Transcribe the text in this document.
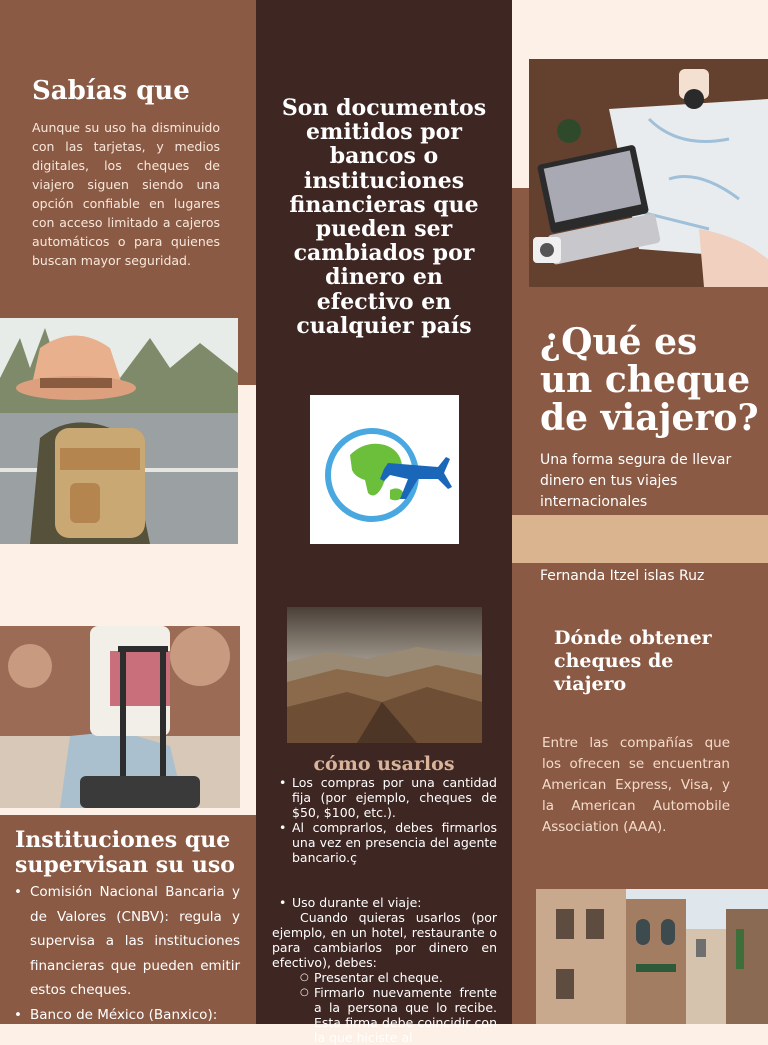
Sabías que

Aunque su uso ha disminuido con las tarjetas, y medios digitales, los cheques de viajero siguen siendo una opción confiable en lugares con acceso limitado a cajeros automáticos o para quienes buscan mayor seguridad.

Instituciones que
supervisan su uso
• Comisión Nacional Bancaria y de Valores (CNBV): regula y supervisa a las instituciones financieras que pueden emitir estos cheques.
• Banco de México (Banxico):
Son documentos emitidos por bancos o instituciones financieras que pueden ser cambiados por dinero en efectivo en cualquier país
cómo usarlos
• Los compras por una cantidad fija (por ejemplo, cheques de $50, $100, etc.).
• Al comprarlos, debes firmarlos una vez en presencia del agente bancario.ç
• Uso durante el viaje:
Cuando quieras usarlos (por ejemplo, en un hotel, restaurante o para cambiarlos por dinero en efectivo), debes:
○ Presentar el cheque.
○ Firmarlo nuevamente frente a la persona que lo recibe. Esta firma debe coincidir con la que hiciste al
¿Qué es un cheque de viajero?

Una forma segura de llevar dinero en tus viajes internacionales

Fernanda Itzel islas Ruz
Dónde obtener cheques de viajero

Entre las compañías que los ofrecen se encuentran American Express, Visa, y la American Automobile Association (AAA).
